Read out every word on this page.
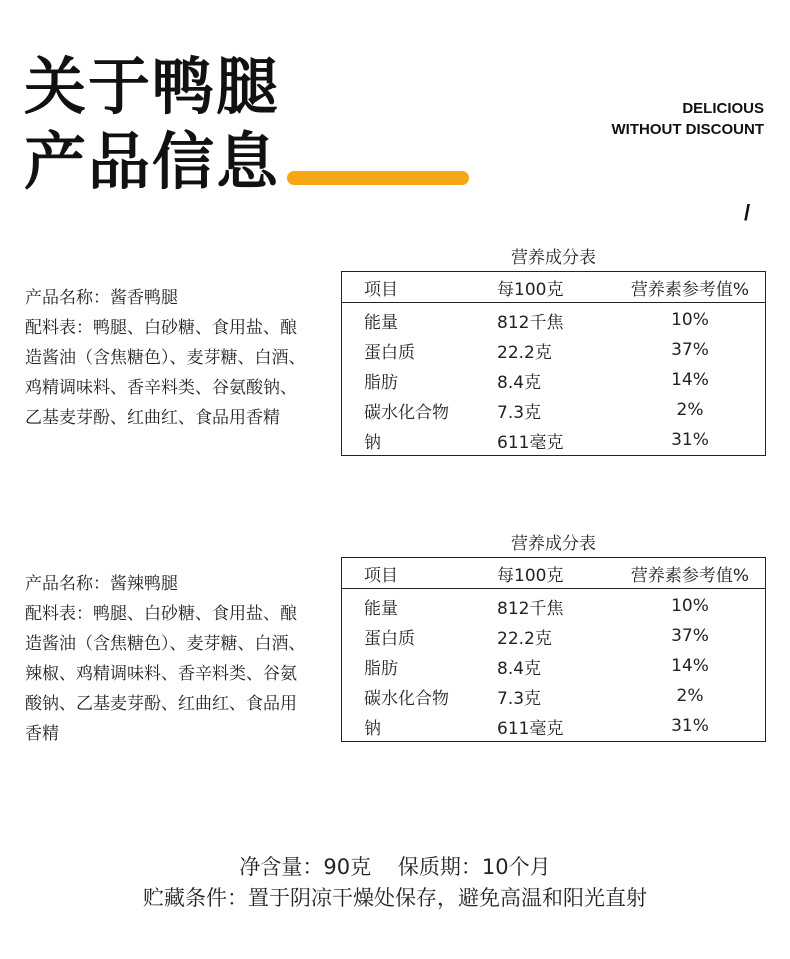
关于鸭腿
产品信息
DELICIOUS
WITHOUT DISCOUNT
/
产品名称：酱香鸭腿
配料表：鸭腿、白砂糖、食用盐、酿
造酱油（含焦糖色）、麦芽糖、白酒、
鸡精调味料、香辛料类、谷氨酸钠、
乙基麦芽酚、红曲红、食品用香精
营养成分表
项目	每100克	营养素参考值%
能量	812千焦	10%
蛋白质	22.2克	37%
脂肪	8.4克	14%
碳水化合物	7.3克	2%
钠	611毫克	31%
产品名称：酱辣鸭腿
配料表：鸭腿、白砂糖、食用盐、酿
造酱油（含焦糖色）、麦芽糖、白酒、
辣椒、鸡精调味料、香辛料类、谷氨
酸钠、乙基麦芽酚、红曲红、食品用
香精
营养成分表
项目	每100克	营养素参考值%
能量	812千焦	10%
蛋白质	22.2克	37%
脂肪	8.4克	14%
碳水化合物	7.3克	2%
钠	611毫克	31%
净含量：90克    保质期：10个月
贮藏条件：置于阴凉干燥处保存，避免高温和阳光直射
